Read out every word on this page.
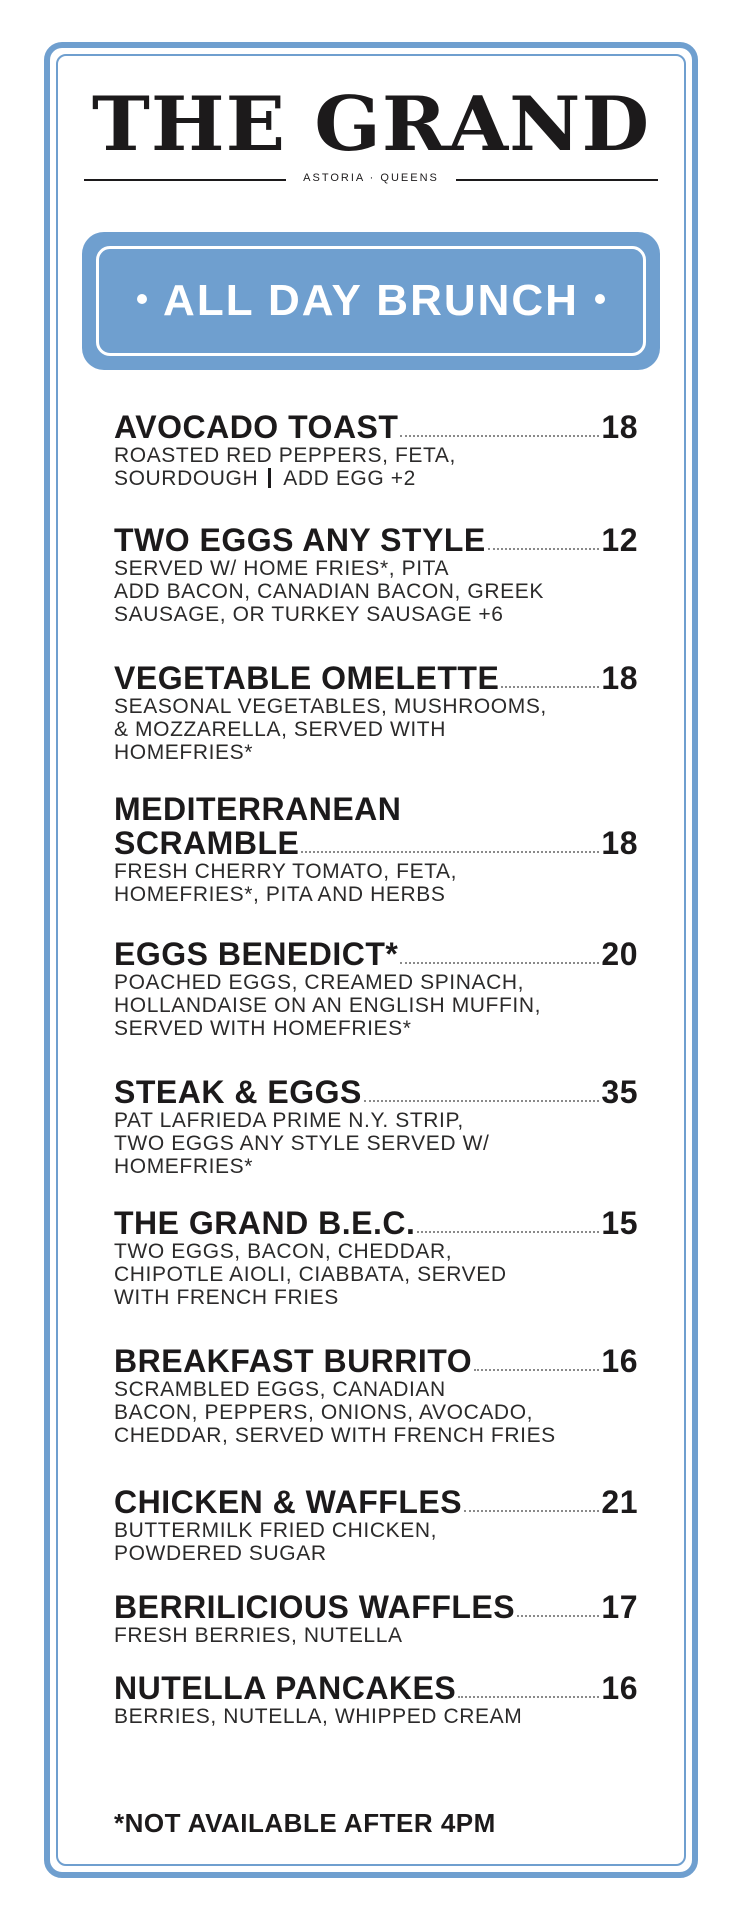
THE GRAND
ASTORIA · QUEENS
ALL DAY BRUNCH
AVOCADO TOAST	18
ROASTED RED PEPPERS, FETA,
SOURDOUGH ADD EGG +2
TWO EGGS ANY STYLE	12
SERVED W/ HOME FRIES*, PITA
ADD BACON, CANADIAN BACON, GREEK
SAUSAGE, OR TURKEY SAUSAGE +6
VEGETABLE OMELETTE	18
SEASONAL VEGETABLES, MUSHROOMS,
& MOZZARELLA, SERVED WITH
HOMEFRIES*
MEDITERRANEAN
SCRAMBLE	18
FRESH CHERRY TOMATO, FETA,
HOMEFRIES*, PITA AND HERBS
EGGS BENEDICT*	20
POACHED EGGS, CREAMED SPINACH,
HOLLANDAISE ON AN ENGLISH MUFFIN,
SERVED WITH HOMEFRIES*
STEAK & EGGS	35
PAT LAFRIEDA PRIME N.Y. STRIP,
TWO EGGS ANY STYLE SERVED W/
HOMEFRIES*
THE GRAND B.E.C.	15
TWO EGGS, BACON, CHEDDAR,
CHIPOTLE AIOLI, CIABBATA, SERVED
WITH FRENCH FRIES
BREAKFAST BURRITO	16
SCRAMBLED EGGS, CANADIAN
BACON, PEPPERS, ONIONS, AVOCADO,
CHEDDAR, SERVED WITH FRENCH FRIES
CHICKEN & WAFFLES	21
BUTTERMILK FRIED CHICKEN,
POWDERED SUGAR
BERRILICIOUS WAFFLES	17
FRESH BERRIES, NUTELLA
NUTELLA PANCAKES	16
BERRIES, NUTELLA, WHIPPED CREAM
*NOT AVAILABLE AFTER 4PM
